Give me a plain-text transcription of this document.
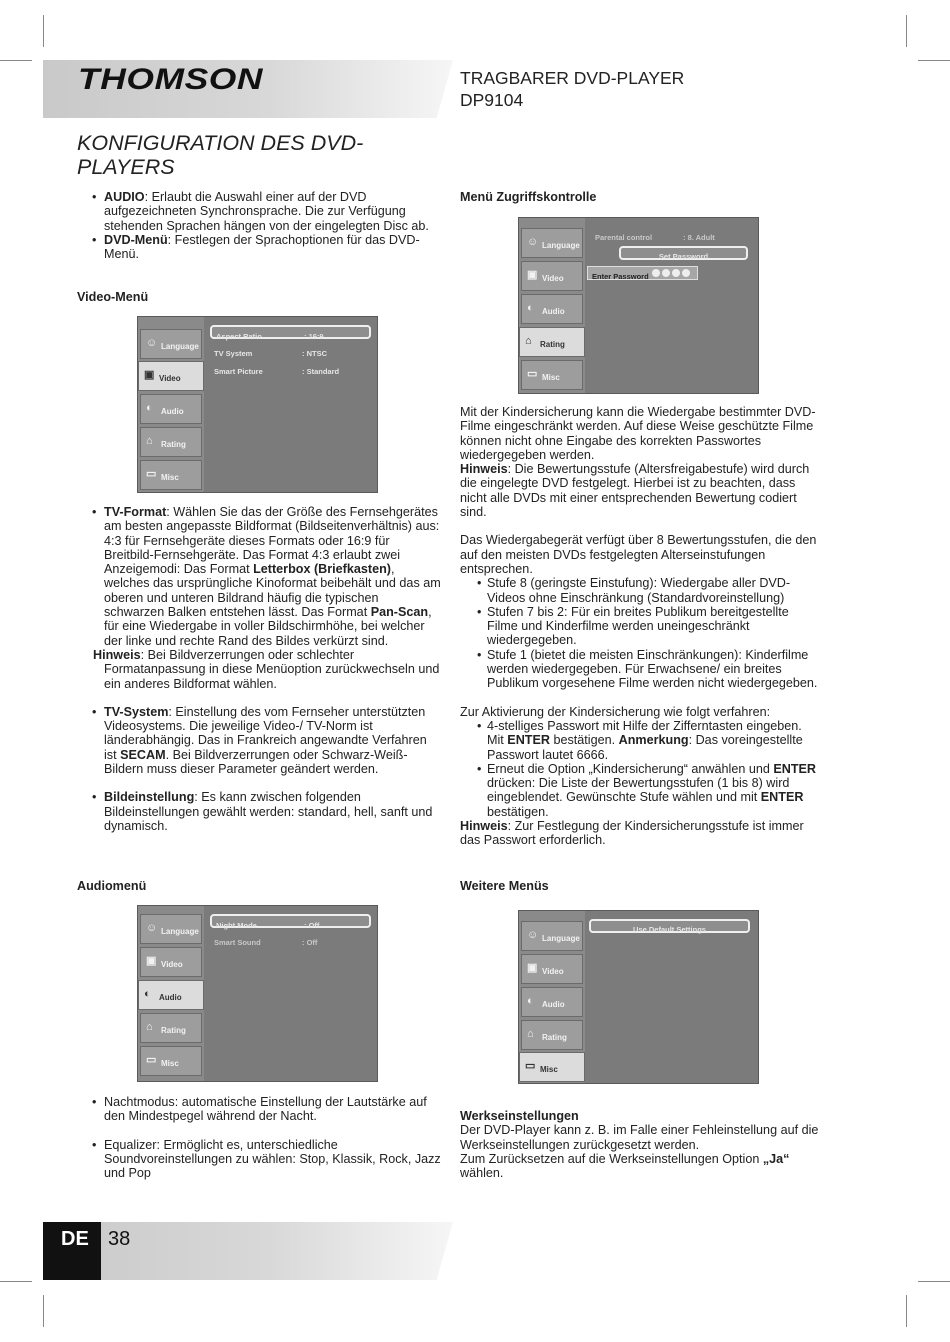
THOMSON	TRAGBARER DVD-PLAYER
DP9104
KONFIGURATION DES DVD-PLAYERS
• AUDIO: Erlaubt die Auswahl einer auf der DVD aufgezeichneten Synchronsprache. Die zur Verfügung stehenden Sprachen hängen von der eingelegten Disc ab.
• DVD-Menü: Festlegen der Sprachoptionen für das DVD-Menü.
Video-Menü
☺ Language
▣ Video
◐	Audio
⌂	Rating
▭ Misc
Aspect Ratio	: 16:9
TV System	: NTSC
Smart Picture	: Standard
• TV-Format: Wählen Sie das der Größe des Fernsehgerätes am besten angepasste Bildformat (Bildseitenverhältnis) aus: 4:3 für Fernsehgeräte dieses Formats oder 16:9 für Breitbild-Fernsehgeräte. Das Format 4:3 erlaubt zwei Anzeigemodi: Das Format Letterbox (Briefkasten), welches das ursprüngliche Kinoformat beibehält und das am oberen und unteren Bildrand häufig die typischen schwarzen Balken entstehen lässt. Das Format Pan-Scan, für eine Wiedergabe in voller Bildschirmhöhe, bei welcher der linke und rechte Rand des Bildes verkürzt sind.
Hinweis: Bei Bildverzerrungen oder schlechter Formatanpassung in diese Menüoption zurückwechseln und ein anderes Bildformat wählen.
• TV-System: Einstellung des vom Fernseher unterstützten Videosystems. Die jeweilige Video-/ TV-Norm ist länderabhängig. Das in Frankreich angewandte Verfahren ist SECAM. Bei Bildverzerrungen oder Schwarz-Weiß-Bildern muss dieser Parameter geändert werden.
• Bildeinstellung: Es kann zwischen folgenden Bildeinstellungen gewählt werden: standard, hell, sanft und dynamisch.
Audiomenü
☺ Language
▣ Video
◐	Audio
⌂	Rating
▭ Misc
Night Mode	: Off
Smart Sound	: Off
• Nachtmodus: automatische Einstellung der Lautstärke auf den Mindestpegel während der Nacht.
• Equalizer: Ermöglicht es, unterschiedliche Soundvoreinstellungen zu wählen: Stop, Klassik, Rock, Jazz und Pop
Menü Zugriffskontrolle
☺ Language
▣ Video
◐	Audio
⌂	Rating
▭ Misc
Parental control	: 8. Adult
Set Password
Enter Password
Mit der Kindersicherung kann die Wiedergabe bestimmter DVD-Filme eingeschränkt werden. Auf diese Weise geschützte Filme können nicht ohne Eingabe des korrekten Passwortes wiedergegeben werden.
Hinweis: Die Bewertungsstufe (Altersfreigabestufe) wird durch die eingelegte DVD festgelegt. Hierbei ist zu beachten, dass nicht alle DVDs mit einer entsprechenden Bewertung codiert sind.
Das Wiedergabegerät verfügt über 8 Bewertungsstufen, die den auf den meisten DVDs festgelegten Alterseinstufungen entsprechen.
• Stufe 8 (geringste Einstufung): Wiedergabe aller DVD-Videos ohne Einschränkung (Standardvoreinstellung)
• Stufen 7 bis 2: Für ein breites Publikum bereitgestellte Filme und Kinderfilme werden uneingeschränkt wiedergegeben.
• Stufe 1 (bietet die meisten Einschränkungen): Kinderfilme werden wiedergegeben. Für Erwachsene/ ein breites Publikum vorgesehene Filme werden nicht wiedergegeben.
Zur Aktivierung der Kindersicherung wie folgt verfahren:
• 4-stelliges Passwort mit Hilfe der Zifferntasten eingeben. Mit ENTER bestätigen. Anmerkung: Das voreingestellte Passwort lautet 6666.
• Erneut die Option „Kindersicherung“ anwählen und ENTER drücken: Die Liste der Bewertungsstufen (1 bis 8) wird eingeblendet. Gewünschte Stufe wählen und mit ENTER bestätigen.
Hinweis: Zur Festlegung der Kindersicherungsstufe ist immer das Passwort erforderlich.
Weitere Menüs
☺ Language
▣ Video
◐	Audio
⌂	Rating
▭ Misc
Use Default Settings
Werkseinstellungen
Der DVD-Player kann z. B. im Falle einer Fehleinstellung auf die Werkseinstellungen zurückgesetzt werden.
Zum Zurücksetzen auf die Werkseinstellungen Option „Ja“ wählen.
DE 38
